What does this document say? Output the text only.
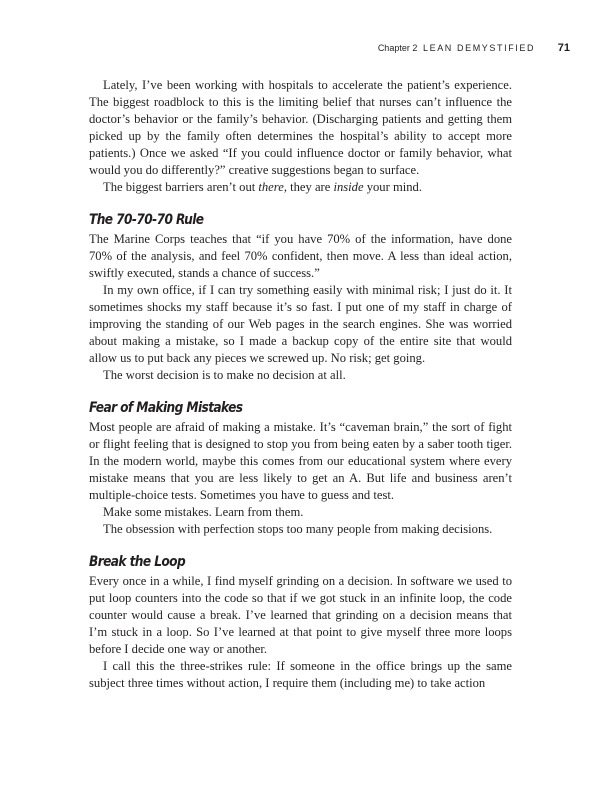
Chapter 2 LEAN DEMYSTIFIED 71

Lately, I’ve been working with hospitals to accelerate the patient’s experience. The biggest roadblock to this is the limiting belief that nurses can’t influence the doctor’s behavior or the family’s behavior. (Discharging patients and getting them picked up by the family often determines the hospital’s ability to accept more patients.) Once we asked “If you could influence doctor or family behavior, what would you do differently?” creative suggestions began to surface.

The biggest barriers aren’t out there, they are inside your mind.

The 70-70-70 Rule

The Marine Corps teaches that “if you have 70% of the information, have done 70% of the analysis, and feel 70% confident, then move. A less than ideal action, swiftly executed, stands a chance of success.”

In my own office, if I can try something easily with minimal risk; I just do it. It sometimes shocks my staff because it’s so fast. I put one of my staff in charge of improving the standing of our Web pages in the search engines. She was worried about making a mistake, so I made a backup copy of the entire site that would allow us to put back any pieces we screwed up. No risk; get going.

The worst decision is to make no decision at all.

Fear of Making Mistakes

Most people are afraid of making a mistake. It’s “caveman brain,” the sort of fight or flight feeling that is designed to stop you from being eaten by a saber tooth tiger. In the modern world, maybe this comes from our educational system where every mistake means that you are less likely to get an A. But life and business aren’t multiple-choice tests. Sometimes you have to guess and test.

Make some mistakes. Learn from them.

The obsession with perfection stops too many people from making decisions.

Break the Loop

Every once in a while, I find myself grinding on a decision. In software we used to put loop counters into the code so that if we got stuck in an infinite loop, the code counter would cause a break. I’ve learned that grinding on a decision means that I’m stuck in a loop. So I’ve learned at that point to give myself three more loops before I decide one way or another.

I call this the three-strikes rule: If someone in the office brings up the same subject three times without action, I require them (including me) to take action
